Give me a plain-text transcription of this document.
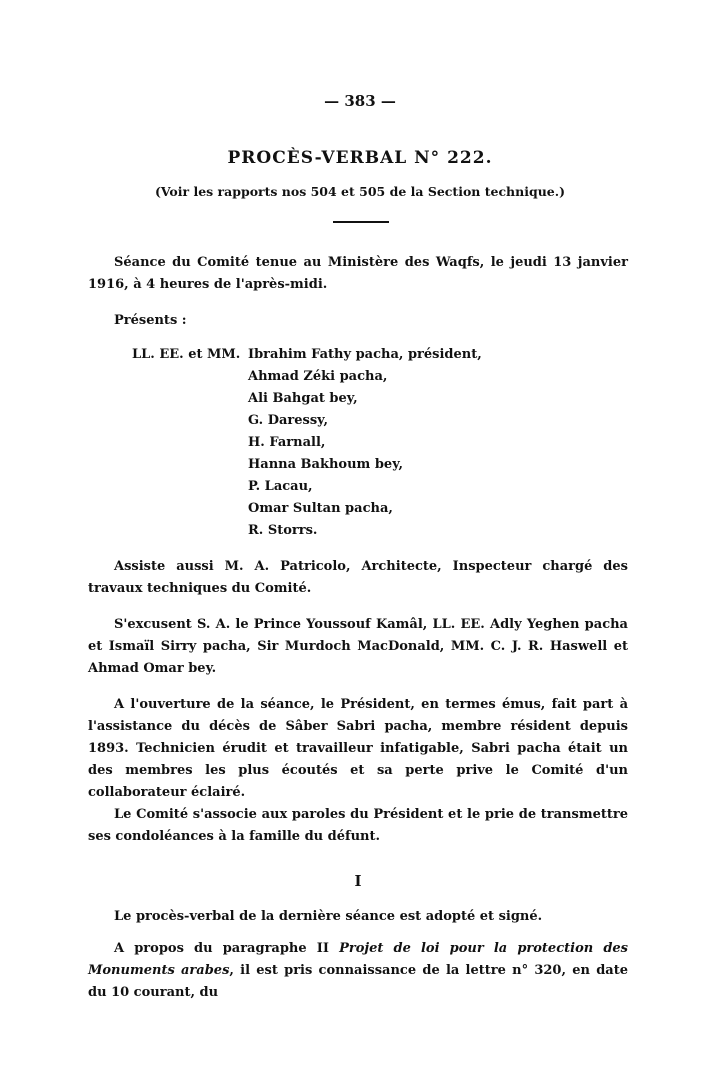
— 383 —
PROCÈS-VERBAL N° 222.
(Voir les rapports nos 504 et 505 de la Section technique.)

Séance du Comité tenue au Ministère des Waqfs, le jeudi 13 janvier 1916, à 4 heures de l'après-midi.

Présents :

LL. EE. et MM. Ibrahim Fathy pacha, président,
Ahmad Zéki pacha,
Ali Bahgat bey,
G. Daressy,
H. Farnall,
Hanna Bakhoum bey,
P. Lacau,
Omar Sultan pacha,
R. Storrs.

Assiste aussi M. A. Patricolo, Architecte, Inspecteur chargé des travaux techniques du Comité.

S'excusent S. A. le Prince Youssouf Kamâl, LL. EE. Adly Yeghen pacha et Ismaïl Sirry pacha, Sir Murdoch MacDonald, MM. C. J. R. Haswell et Ahmad Omar bey.

A l'ouverture de la séance, le Président, en termes émus, fait part à l'assistance du décès de Sâber Sabri pacha, membre résident depuis 1893. Technicien érudit et travailleur infatigable, Sabri pacha était un des membres les plus écoutés et sa perte prive le Comité d'un collaborateur éclairé.

Le Comité s'associe aux paroles du Président et le prie de transmettre ses condoléances à la famille du défunt.

I

Le procès-verbal de la dernière séance est adopté et signé.

A propos du paragraphe II Projet de loi pour la protection des Monuments arabes, il est pris connaissance de la lettre n° 320, en date du 10 courant, du
